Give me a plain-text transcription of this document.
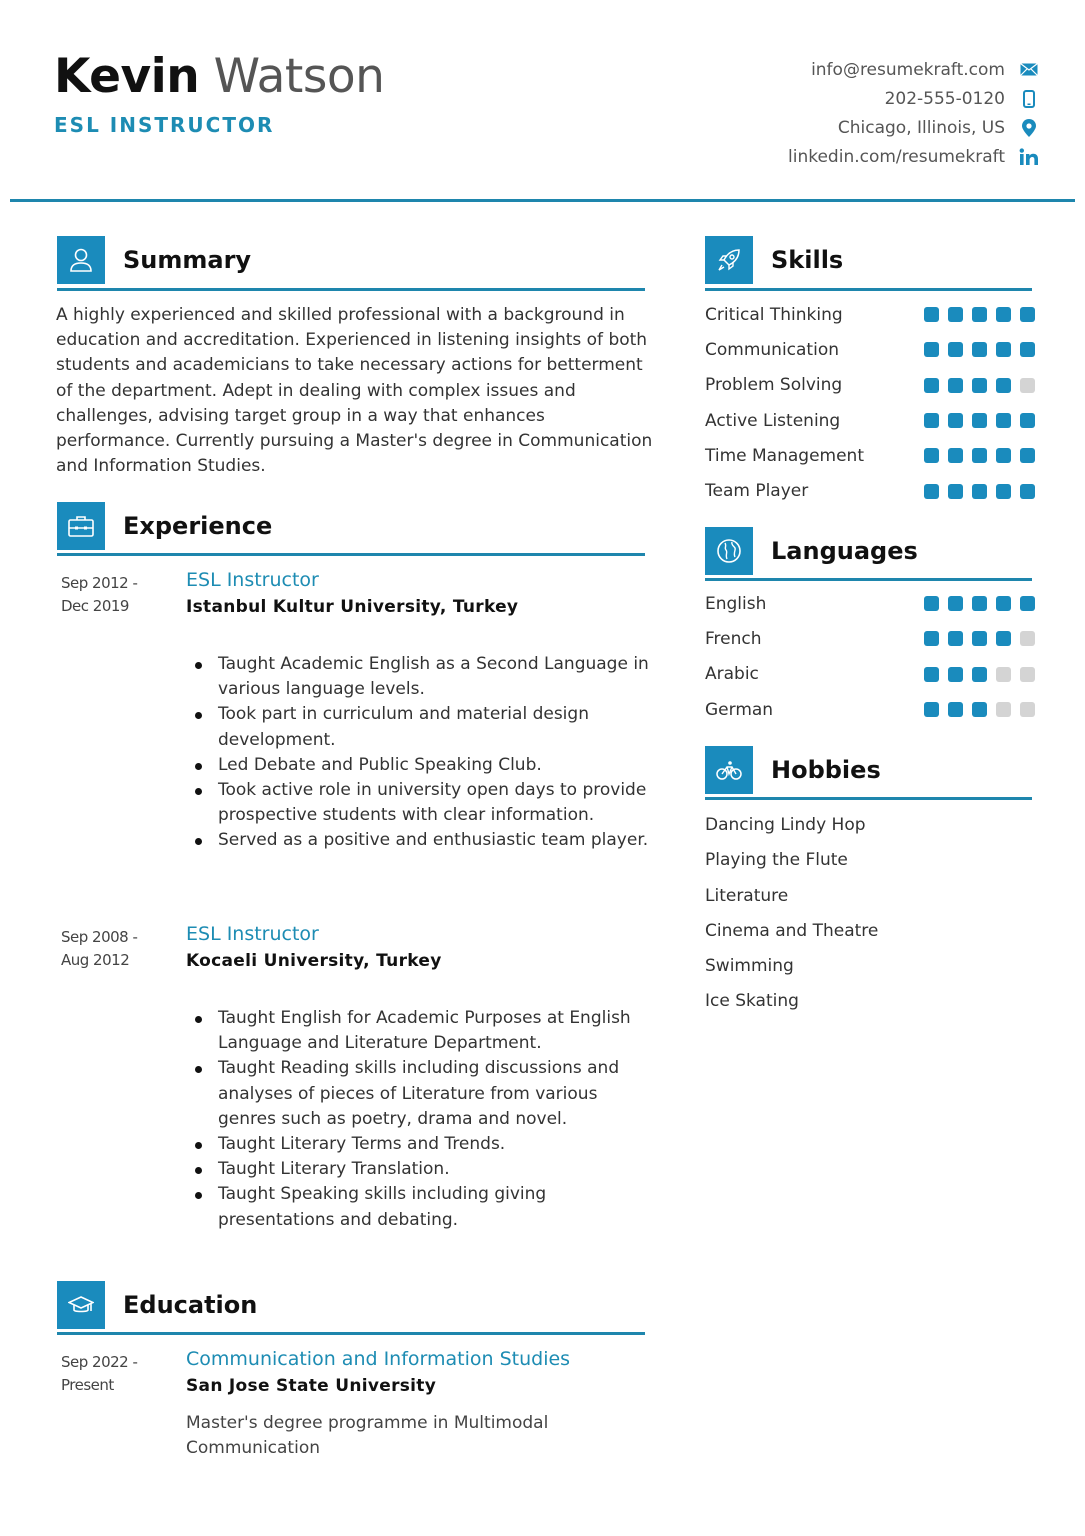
Kevin Watson
ESL INSTRUCTOR
info@resumekraft.com
202-555-0120
Chicago, Illinois, US
linkedin.com/resumekraft
Summary
A highly experienced and skilled professional with a background in education and accreditation. Experienced in listening insights of both students and academicians to take necessary actions for betterment of the department. Adept in dealing with complex issues and challenges, advising target group in a way that enhances performance. Currently pursuing a Master's degree in Communication and Information Studies.
Experience
Sep 2012 -
Dec 2019
ESL Instructor
Istanbul Kultur University, Turkey
Taught Academic English as a Second Language in various language levels.
Took part in curriculum and material design development.
Led Debate and Public Speaking Club.
Took active role in university open days to provide prospective students with clear information.
Served as a positive and enthusiastic team player.
Sep 2008 -
Aug 2012
ESL Instructor
Kocaeli University, Turkey
Taught English for Academic Purposes at English Language and Literature Department.
Taught Reading skills including discussions and analyses of pieces of Literature from various genres such as poetry, drama and novel.
Taught Literary Terms and Trends.
Taught Literary Translation.
Taught Speaking skills including giving presentations and debating.
Education
Sep 2022 -
Present
Communication and Information Studies
San Jose State University
Master's degree programme in Multimodal Communication
Skills
Critical Thinking
Communication
Problem Solving
Active Listening
Time Management
Team Player
Languages
English
French
Arabic
German
Hobbies
Dancing Lindy Hop
Playing the Flute
Literature
Cinema and Theatre
Swimming
Ice Skating
